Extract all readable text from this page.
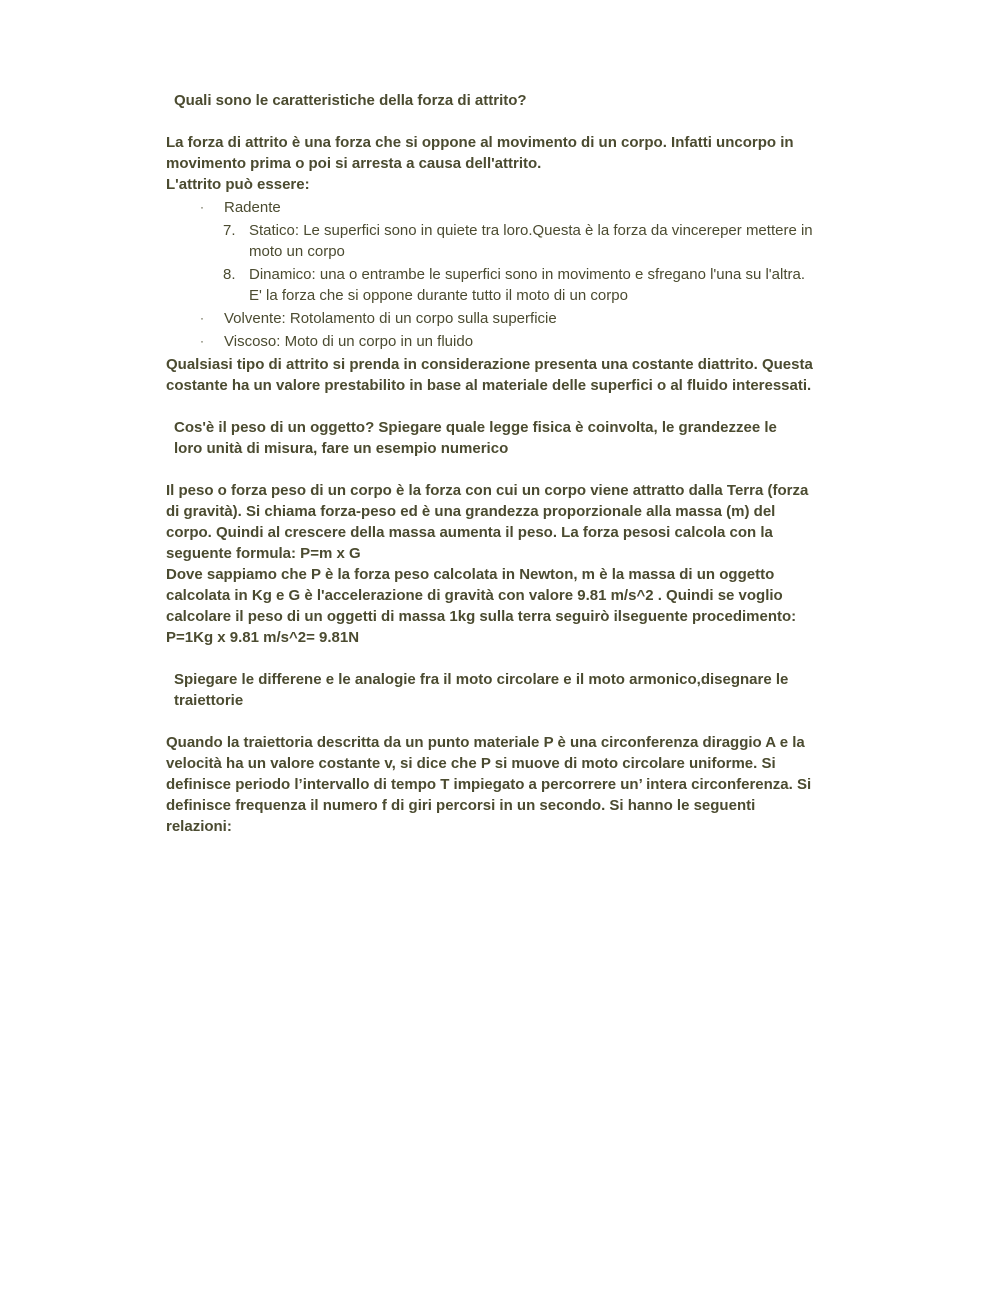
Quali sono le caratteristiche della forza di attrito?

La forza di attrito è una forza che si oppone al movimento di un corpo. Infatti uncorpo in movimento prima o poi si arresta a causa dell'attrito.

L'attrito può essere:

· Radente
7. Statico: Le superfici sono in quiete tra loro.Questa è la forza da vincereper mettere in moto un corpo
8. Dinamico: una o entrambe le superfici sono in movimento e sfregano l'una su l'altra. E' la forza che si oppone durante tutto il moto di un corpo
· Volvente: Rotolamento di un corpo sulla superficie
· Viscoso: Moto di un corpo in un fluido

Qualsiasi tipo di attrito si prenda in considerazione presenta una costante diattrito. Questa costante ha un valore prestabilito in base al materiale delle superfici o al fluido interessati.

Cos'è il peso di un oggetto? Spiegare quale legge fisica è coinvolta, le grandezzee le loro unità di misura, fare un esempio numerico

Il peso o forza peso di un corpo è la forza con cui un corpo viene attratto dalla Terra (forza di gravità). Si chiama forza-peso ed è una grandezza proporzionale alla massa (m) del corpo. Quindi al crescere della massa aumenta il peso. La forza pesosi calcola con la seguente formula: P=m x G

Dove sappiamo che P è la forza peso calcolata in Newton, m è la massa di un oggetto calcolata in Kg e G è l'accelerazione di gravità con valore 9.81 m/s^2 . Quindi se voglio calcolare il peso di un oggetti di massa 1kg sulla terra seguirò ilseguente procedimento: P=1Kg x 9.81 m/s^2= 9.81N

Spiegare le differene e le analogie fra il moto circolare e il moto armonico,disegnare le traiettorie

Quando la traiettoria descritta da un punto materiale P è una circonferenza diraggio A e la velocità ha un valore costante v, si dice che P si muove di moto circolare uniforme. Si definisce periodo l’intervallo di tempo T impiegato a percorrere un’ intera circonferenza. Si definisce frequenza il numero f di giri percorsi in un secondo. Si hanno le seguenti relazioni:
